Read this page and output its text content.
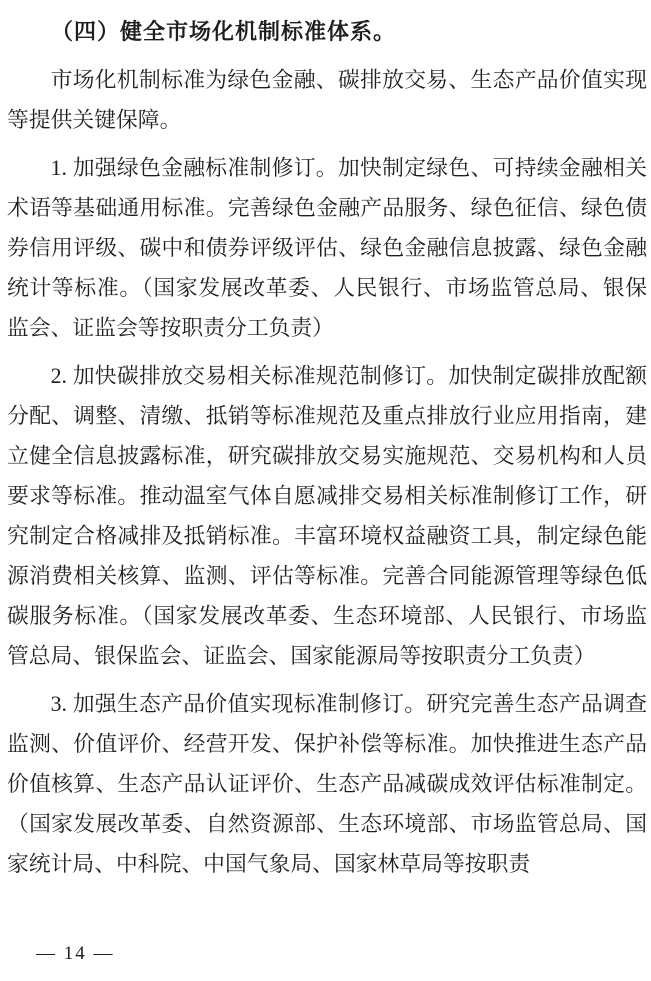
（四）健全市场化机制标准体系。

市场化机制标准为绿色金融、碳排放交易、生态产品价值实现等提供关键保障。

1. 加强绿色金融标准制修订。加快制定绿色、可持续金融相关术语等基础通用标准。完善绿色金融产品服务、绿色征信、绿色债券信用评级、碳中和债券评级评估、绿色金融信息披露、绿色金融统计等标准。（国家发展改革委、人民银行、市场监管总局、银保监会、证监会等按职责分工负责）

2. 加快碳排放交易相关标准规范制修订。加快制定碳排放配额分配、调整、清缴、抵销等标准规范及重点排放行业应用指南，建立健全信息披露标准，研究碳排放交易实施规范、交易机构和人员要求等标准。推动温室气体自愿减排交易相关标准制修订工作，研究制定合格减排及抵销标准。丰富环境权益融资工具，制定绿色能源消费相关核算、监测、评估等标准。完善合同能源管理等绿色低碳服务标准。（国家发展改革委、生态环境部、人民银行、市场监管总局、银保监会、证监会、国家能源局等按职责分工负责）

3. 加强生态产品价值实现标准制修订。研究完善生态产品调查监测、价值评价、经营开发、保护补偿等标准。加快推进生态产品价值核算、生态产品认证评价、生态产品减碳成效评估标准制定。（国家发展改革委、自然资源部、生态环境部、市场监管总局、国家统计局、中科院、中国气象局、国家林草局等按职责

— 14 —
